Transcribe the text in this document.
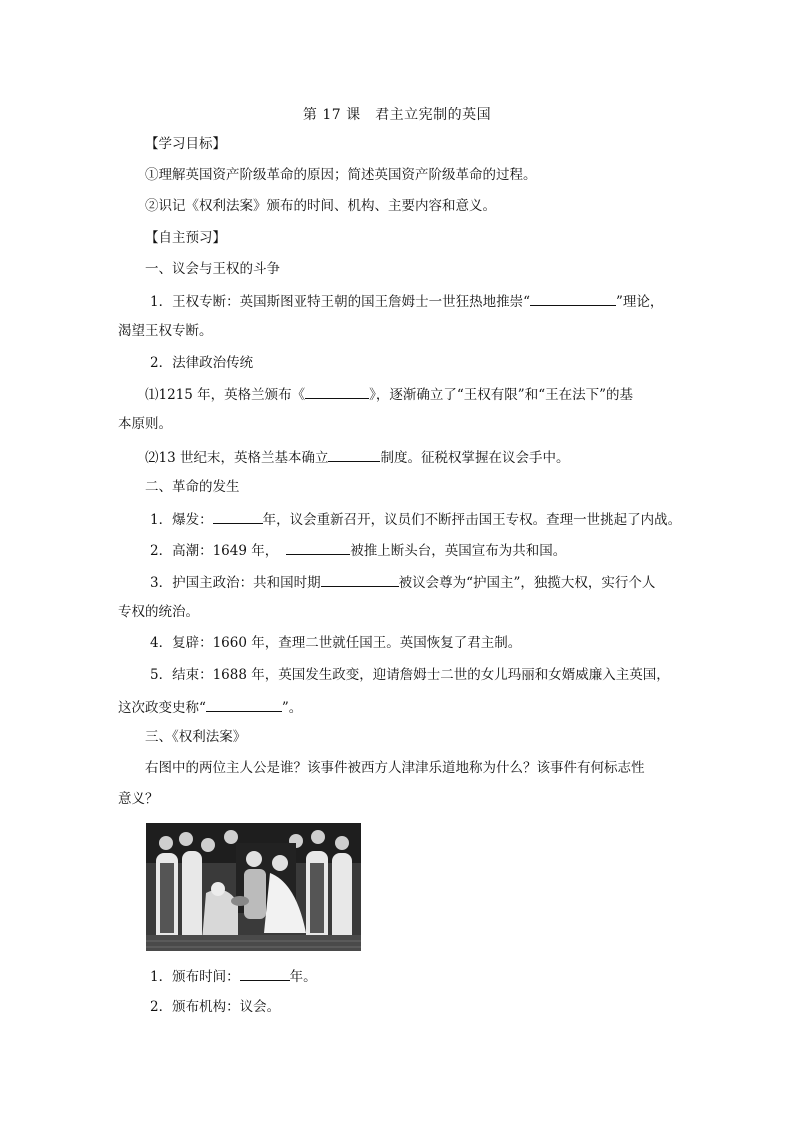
第 17 课　君主立宪制的英国
【学习目标】
①理解英国资产阶级革命的原因；简述英国资产阶级革命的过程。
②识记《权利法案》颁布的时间、机构、主要内容和意义。
【自主预习】
一、议会与王权的斗争
1．王权专断：英国斯图亚特王朝的国王詹姆士一世狂热地推崇“	”理论，
渴望王权专断。
2．法律政治传统
⑴1215 年，英格兰颁布《	》，逐渐确立了“王权有限”和“王在法下”的基
本原则。
⑵13 世纪末，英格兰基本确立	制度。征税权掌握在议会手中。
二、革命的发生
1．爆发：	年，议会重新召开，议员们不断抨击国王专权。查理一世挑起了内战。
2．高潮：1649 年，	被推上断头台，英国宣布为共和国。
3．护国主政治：共和国时期	被议会尊为“护国主”，独揽大权，实行个人
专权的统治。
4．复辟：1660 年，查理二世就任国王。英国恢复了君主制。
5．结束：1688 年，英国发生政变，迎请詹姆士二世的女儿玛丽和女婿威廉入主英国，
这次政变史称“	”。
三、《权利法案》
右图中的两位主人公是谁？该事件被西方人津津乐道地称为什么？该事件有何标志性
意义？
1．颁布时间：	年。
2．颁布机构：议会。
